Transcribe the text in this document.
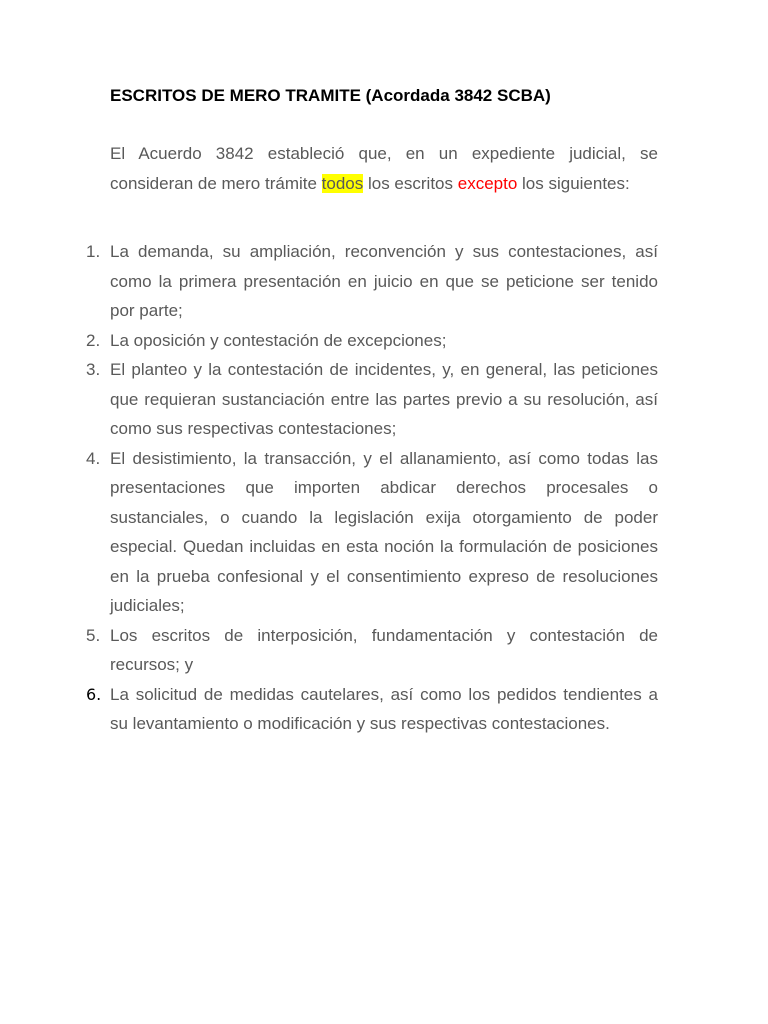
ESCRITOS DE MERO TRAMITE (Acordada 3842 SCBA)

El Acuerdo 3842 estableció que, en un expediente judicial, se consideran de mero trámite todos los escritos excepto los siguientes:

1. La demanda, su ampliación, reconvención y sus contestaciones, así como la primera presentación en juicio en que se peticione ser tenido por parte;
2. La oposición y contestación de excepciones;
3. El planteo y la contestación de incidentes, y, en general, las peticiones que requieran sustanciación entre las partes previo a su resolución, así como sus respectivas contestaciones;
4. El desistimiento, la transacción, y el allanamiento, así como todas las presentaciones que importen abdicar derechos procesales o sustanciales, o cuando la legislación exija otorgamiento de poder especial. Quedan incluidas en esta noción la formulación de posiciones en la prueba confesional y el consentimiento expreso de resoluciones judiciales;
5. Los escritos de interposición, fundamentación y contestación de recursos; y
6. La solicitud de medidas cautelares, así como los pedidos tendientes a su levantamiento o modificación y sus respectivas contestaciones.
